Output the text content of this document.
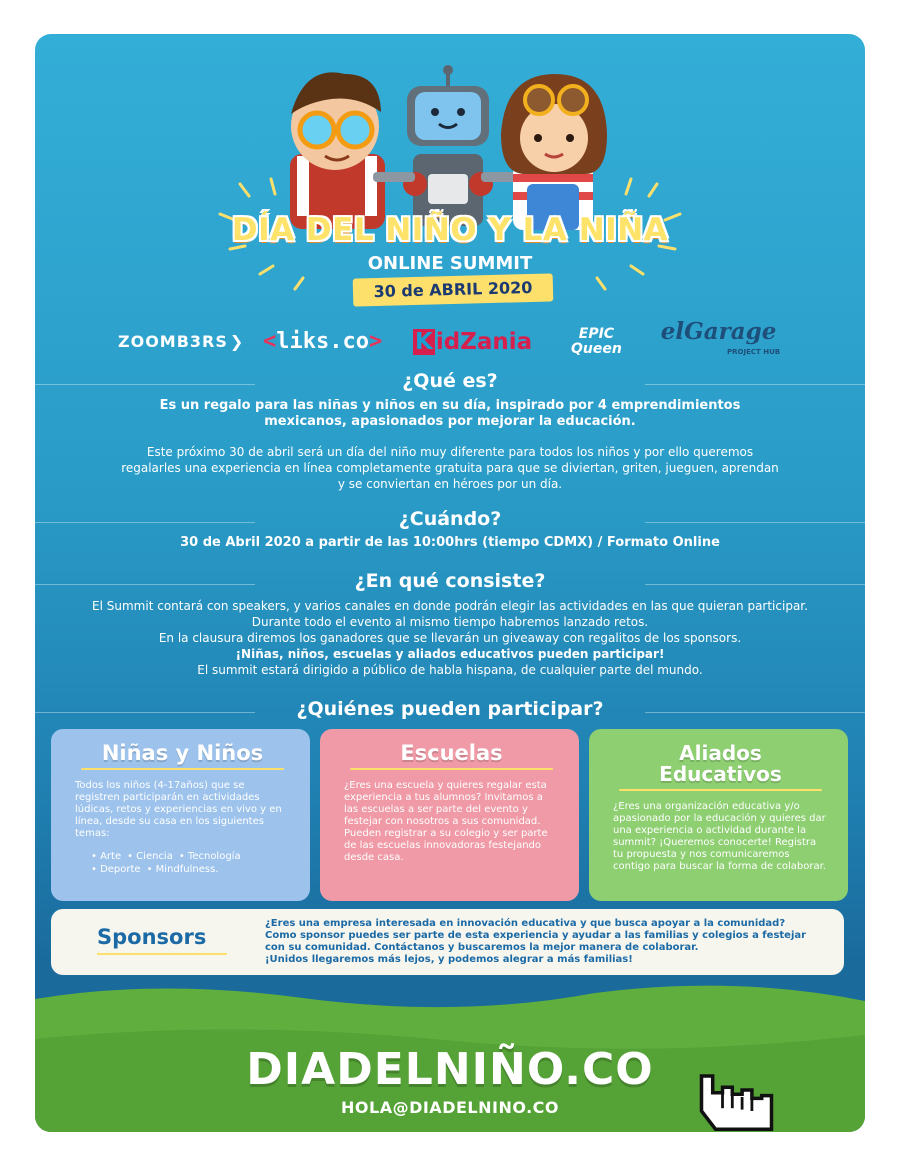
DÍA DEL NIÑO Y LA NIÑA
ONLINE SUMMIT
30 de ABRIL 2020
ZOOMB3RS ❯ < liks.co > K idZania	EPIC
Queen
elGarage
PROJECT HUB
¿Qué es?
Es un regalo para las niñas y niños en su día, inspirado por 4 emprendimientos
mexicanos, apasionados por mejorar la educación.
Este próximo 30 de abril será un día del niño muy diferente para todos los niños y por ello queremos
regalarles una experiencia en línea completamente gratuita para que se diviertan, griten, jueguen, aprendan
y se conviertan en héroes por un día.
¿Cuándo?
30 de Abril 2020 a partir de las 10:00hrs (tiempo CDMX) / Formato Online
¿En qué consiste?
El Summit contará con speakers, y varios canales en donde podrán elegir las actividades en las que quieran participar.
Durante todo el evento al mismo tiempo habremos lanzado retos.
En la clausura diremos los ganadores que se llevarán un giveaway con regalitos de los sponsors.
¡Niñas, niños, escuelas y aliados educativos pueden participar!
El summit estará dirigido a público de habla hispana, de cualquier parte del mundo.
¿Quiénes pueden participar?
Niñas y Niños
Todos los niños (4-17años) que se registren participarán en actividades lúdicas, retos y experiencias en vivo y en línea, desde su casa en los siguientes temas:
• Arte • Ciencia • Tecnología
• Deporte • Mindfulness.
Escuelas
¿Eres una escuela y quieres regalar esta experiencia a tus alumnos? Invitamos a las escuelas a ser parte del evento y festejar con nosotros a sus comunidad. Pueden registrar a su colegio y ser parte de las escuelas innovadoras festejando desde casa.
Aliados
Educativos
¿Eres una organización educativa y/o apasionado por la educación y quieres dar una experiencia o actividad durante la summit? ¡Queremos conocerte! Registra tu propuesta y nos comunicaremos contigo para buscar la forma de colaborar.
Sponsors
¿Eres una empresa interesada en innovación educativa y que busca apoyar a la comunidad?
Como sponsor puedes ser parte de esta experiencia y ayudar a las familias y colegios a festejar
con su comunidad. Contáctanos y buscaremos la mejor manera de colaborar.
¡Unidos llegaremos más lejos, y podemos alegrar a más familias!
DIADELNIÑO.CO
HOLA@DIADELNINO.CO
